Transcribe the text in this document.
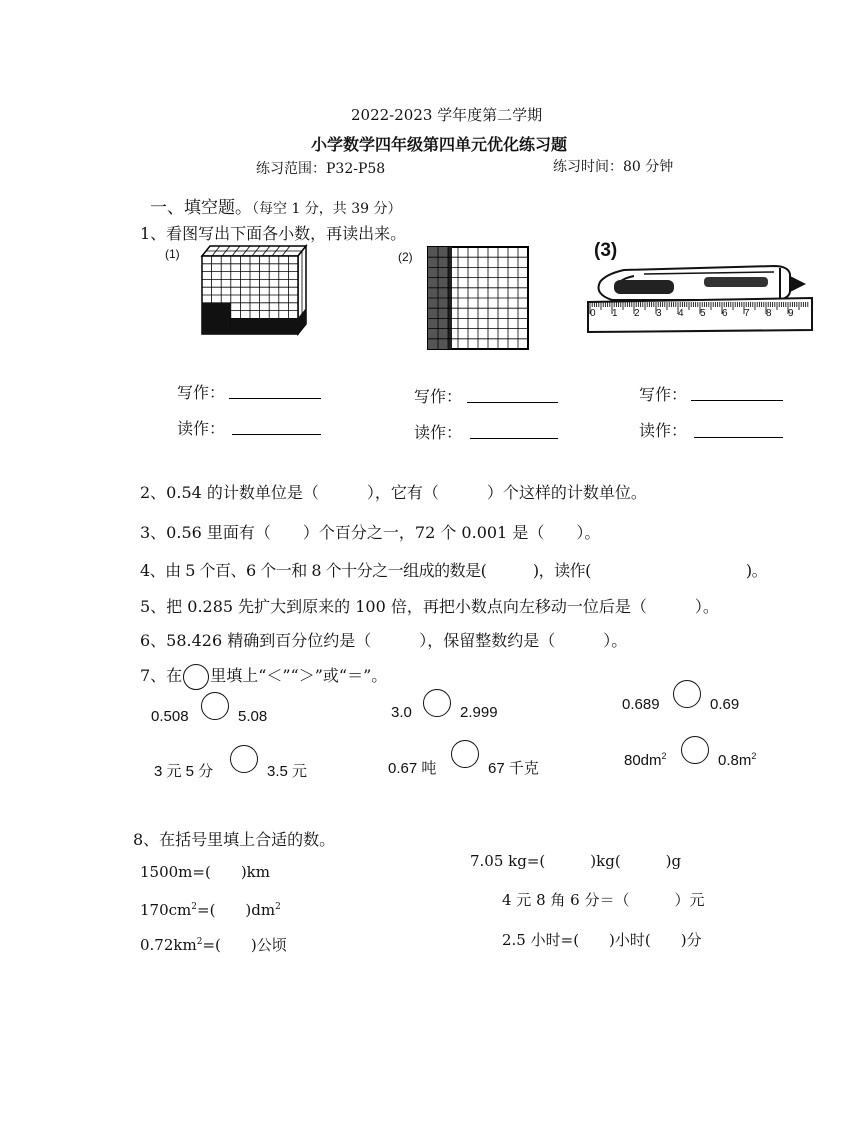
2022-2023 学年度第二学期
小学数学四年级第四单元优化练习题
练习范围：P32-P58	练习时间：80 分钟
一、填空题。（每空 1 分，共 39 分）
1、看图写出下面各小数，再读出来。
(1)	(2)	(3)
0 1 2 3 4 5 6 7 8 9
写作：
读作：
写作：
读作：
写作：
读作：
2、0.54 的计数单位是（　　　），它有（　　　）个这样的计数单位。
3、0.56 里面有（　　）个百分之一，72 个 0.001 是（　　）。
4、由 5 个百、6 个一和 8 个十分之一组成的数是(　　　)，读作(　　　　　　　　　　)。
5、把 0.285 先扩大到原来的 100 倍，再把小数点向左移动一位后是（　　　）。
6、58.426 精确到百分位约是（　　　），保留整数约是（　　　）。
7、在 里填上“＜”“＞”或“＝”。
0.508	5.08	3.0	2.999	0.689	0.69
3 元 5 分	3.5 元	0.67 吨	67 千克	$80dm^2$	$0.8m^2$
8、在括号里填上合适的数。
1500m=(　　)km
$170cm^2=$(　　)$dm^2$
$0.72km^2=$(　　)公顷
7.05 kg=(　　　)kg(　　　)g
4 元 8 角 6 分＝（　　　）元
2.5 小时=(　　)小时(　　)分
